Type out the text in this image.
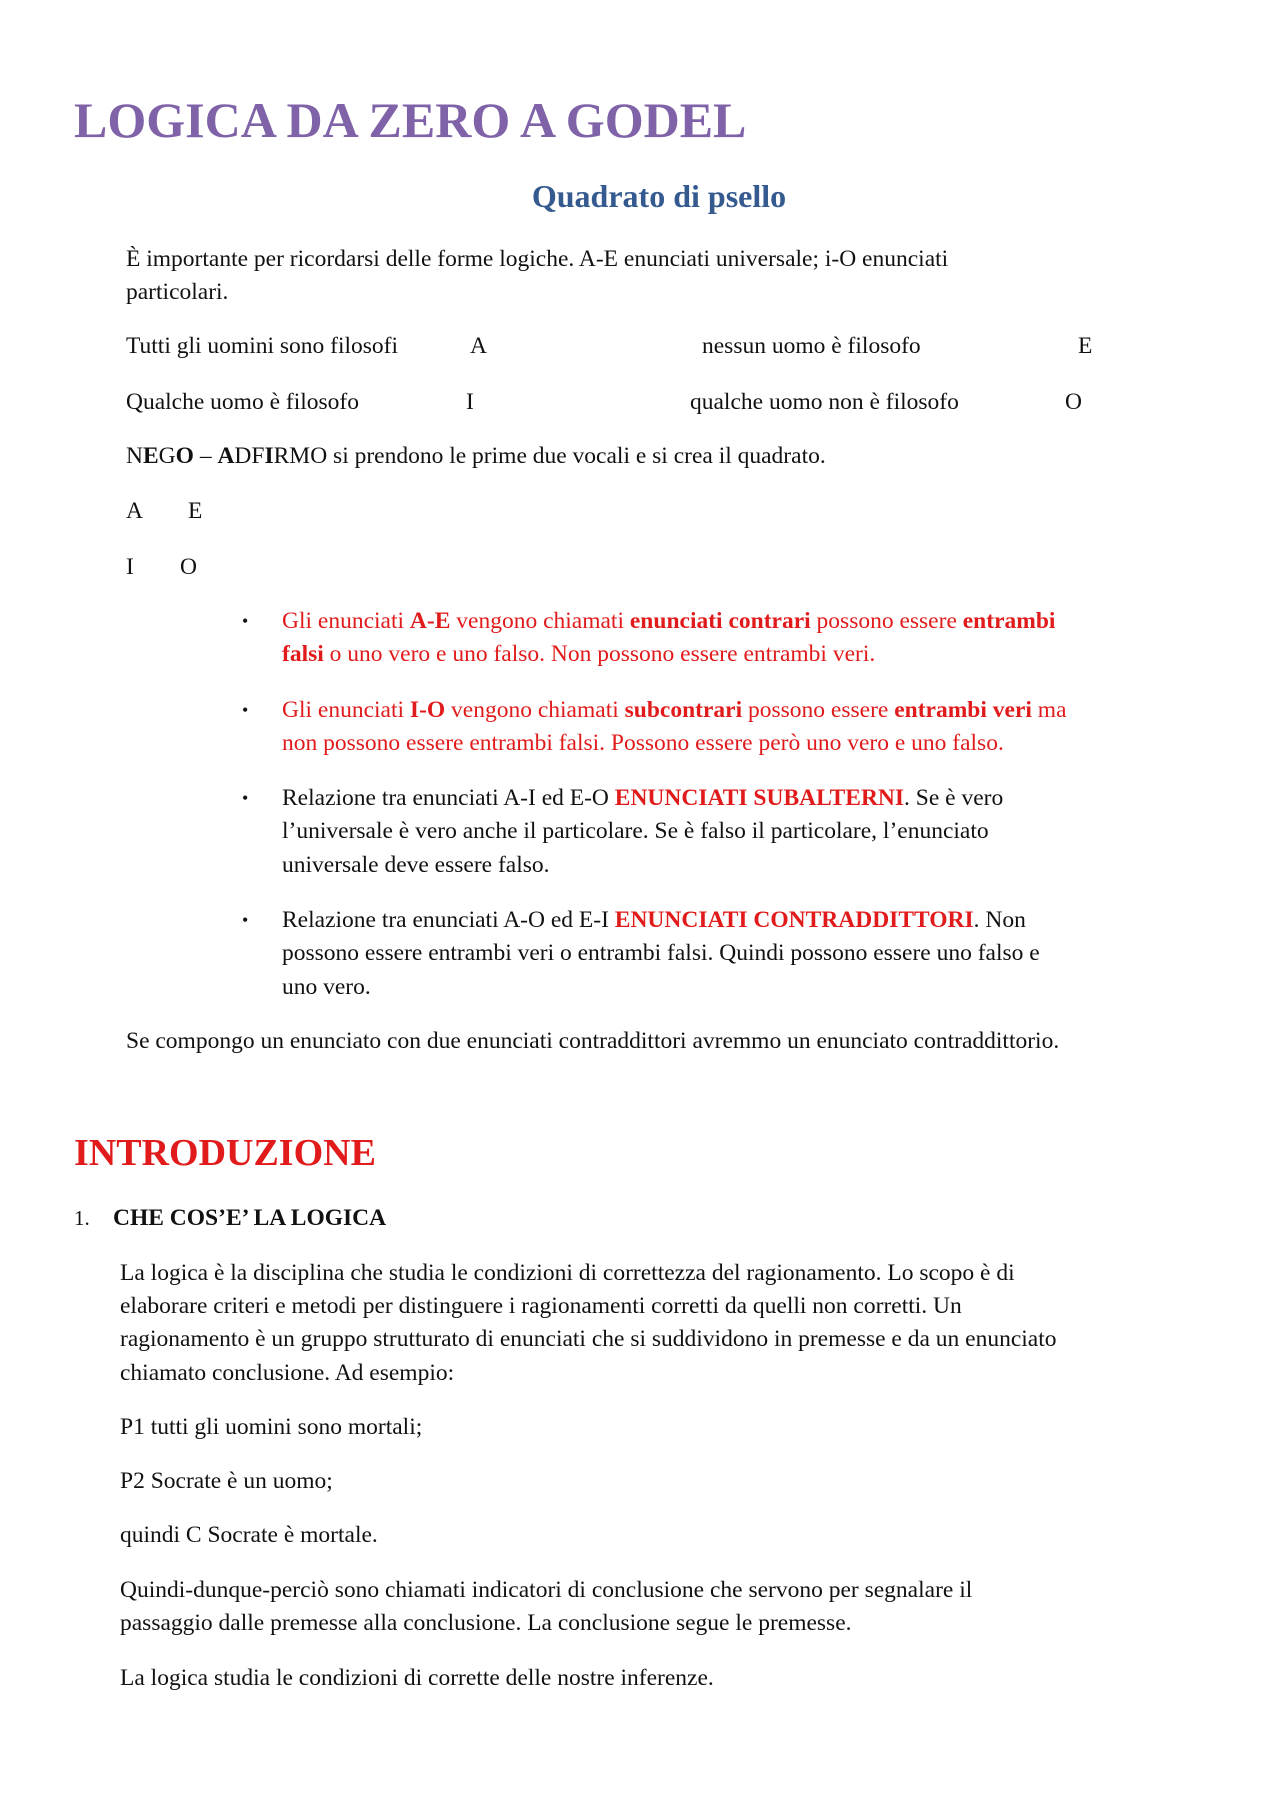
LOGICA DA ZERO A GODEL
Quadrato di psello
È importante per ricordarsi delle forme logiche. A-E enunciati universale; i-O enunciati
particolari.
Tutti gli uomini sono filosofi	A	nessun uomo è filosofo	E
Qualche uomo è filosofo	I	qualche uomo non è filosofo	O
NEGO – ADFIRMO si prendono le prime due vocali e si crea il quadrato.
A E
I O
•	Gli enunciati A-E vengono chiamati enunciati contrari possono essere entrambi
falsi o uno vero e uno falso. Non possono essere entrambi veri.
•	Gli enunciati I-O vengono chiamati subcontrari possono essere entrambi veri ma
non possono essere entrambi falsi. Possono essere però uno vero e uno falso.
•	Relazione tra enunciati A-I ed E-O ENUNCIATI SUBALTERNI. Se è vero
l’universale è vero anche il particolare. Se è falso il particolare, l’enunciato
universale deve essere falso.
•	Relazione tra enunciati A-O ed E-I ENUNCIATI CONTRADDITTORI. Non
possono essere entrambi veri o entrambi falsi. Quindi possono essere uno falso e
uno vero.
Se compongo un enunciato con due enunciati contraddittori avremmo un enunciato contraddittorio.
INTRODUZIONE
1. CHE COS’E’ LA LOGICA
La logica è la disciplina che studia le condizioni di correttezza del ragionamento. Lo scopo è di
elaborare criteri e metodi per distinguere i ragionamenti corretti da quelli non corretti. Un
ragionamento è un gruppo strutturato di enunciati che si suddividono in premesse e da un enunciato
chiamato conclusione. Ad esempio:
P1 tutti gli uomini sono mortali;
P2 Socrate è un uomo;
quindi C Socrate è mortale.
Quindi-dunque-perciò sono chiamati indicatori di conclusione che servono per segnalare il
passaggio dalle premesse alla conclusione. La conclusione segue le premesse.
La logica studia le condizioni di corrette delle nostre inferenze.
